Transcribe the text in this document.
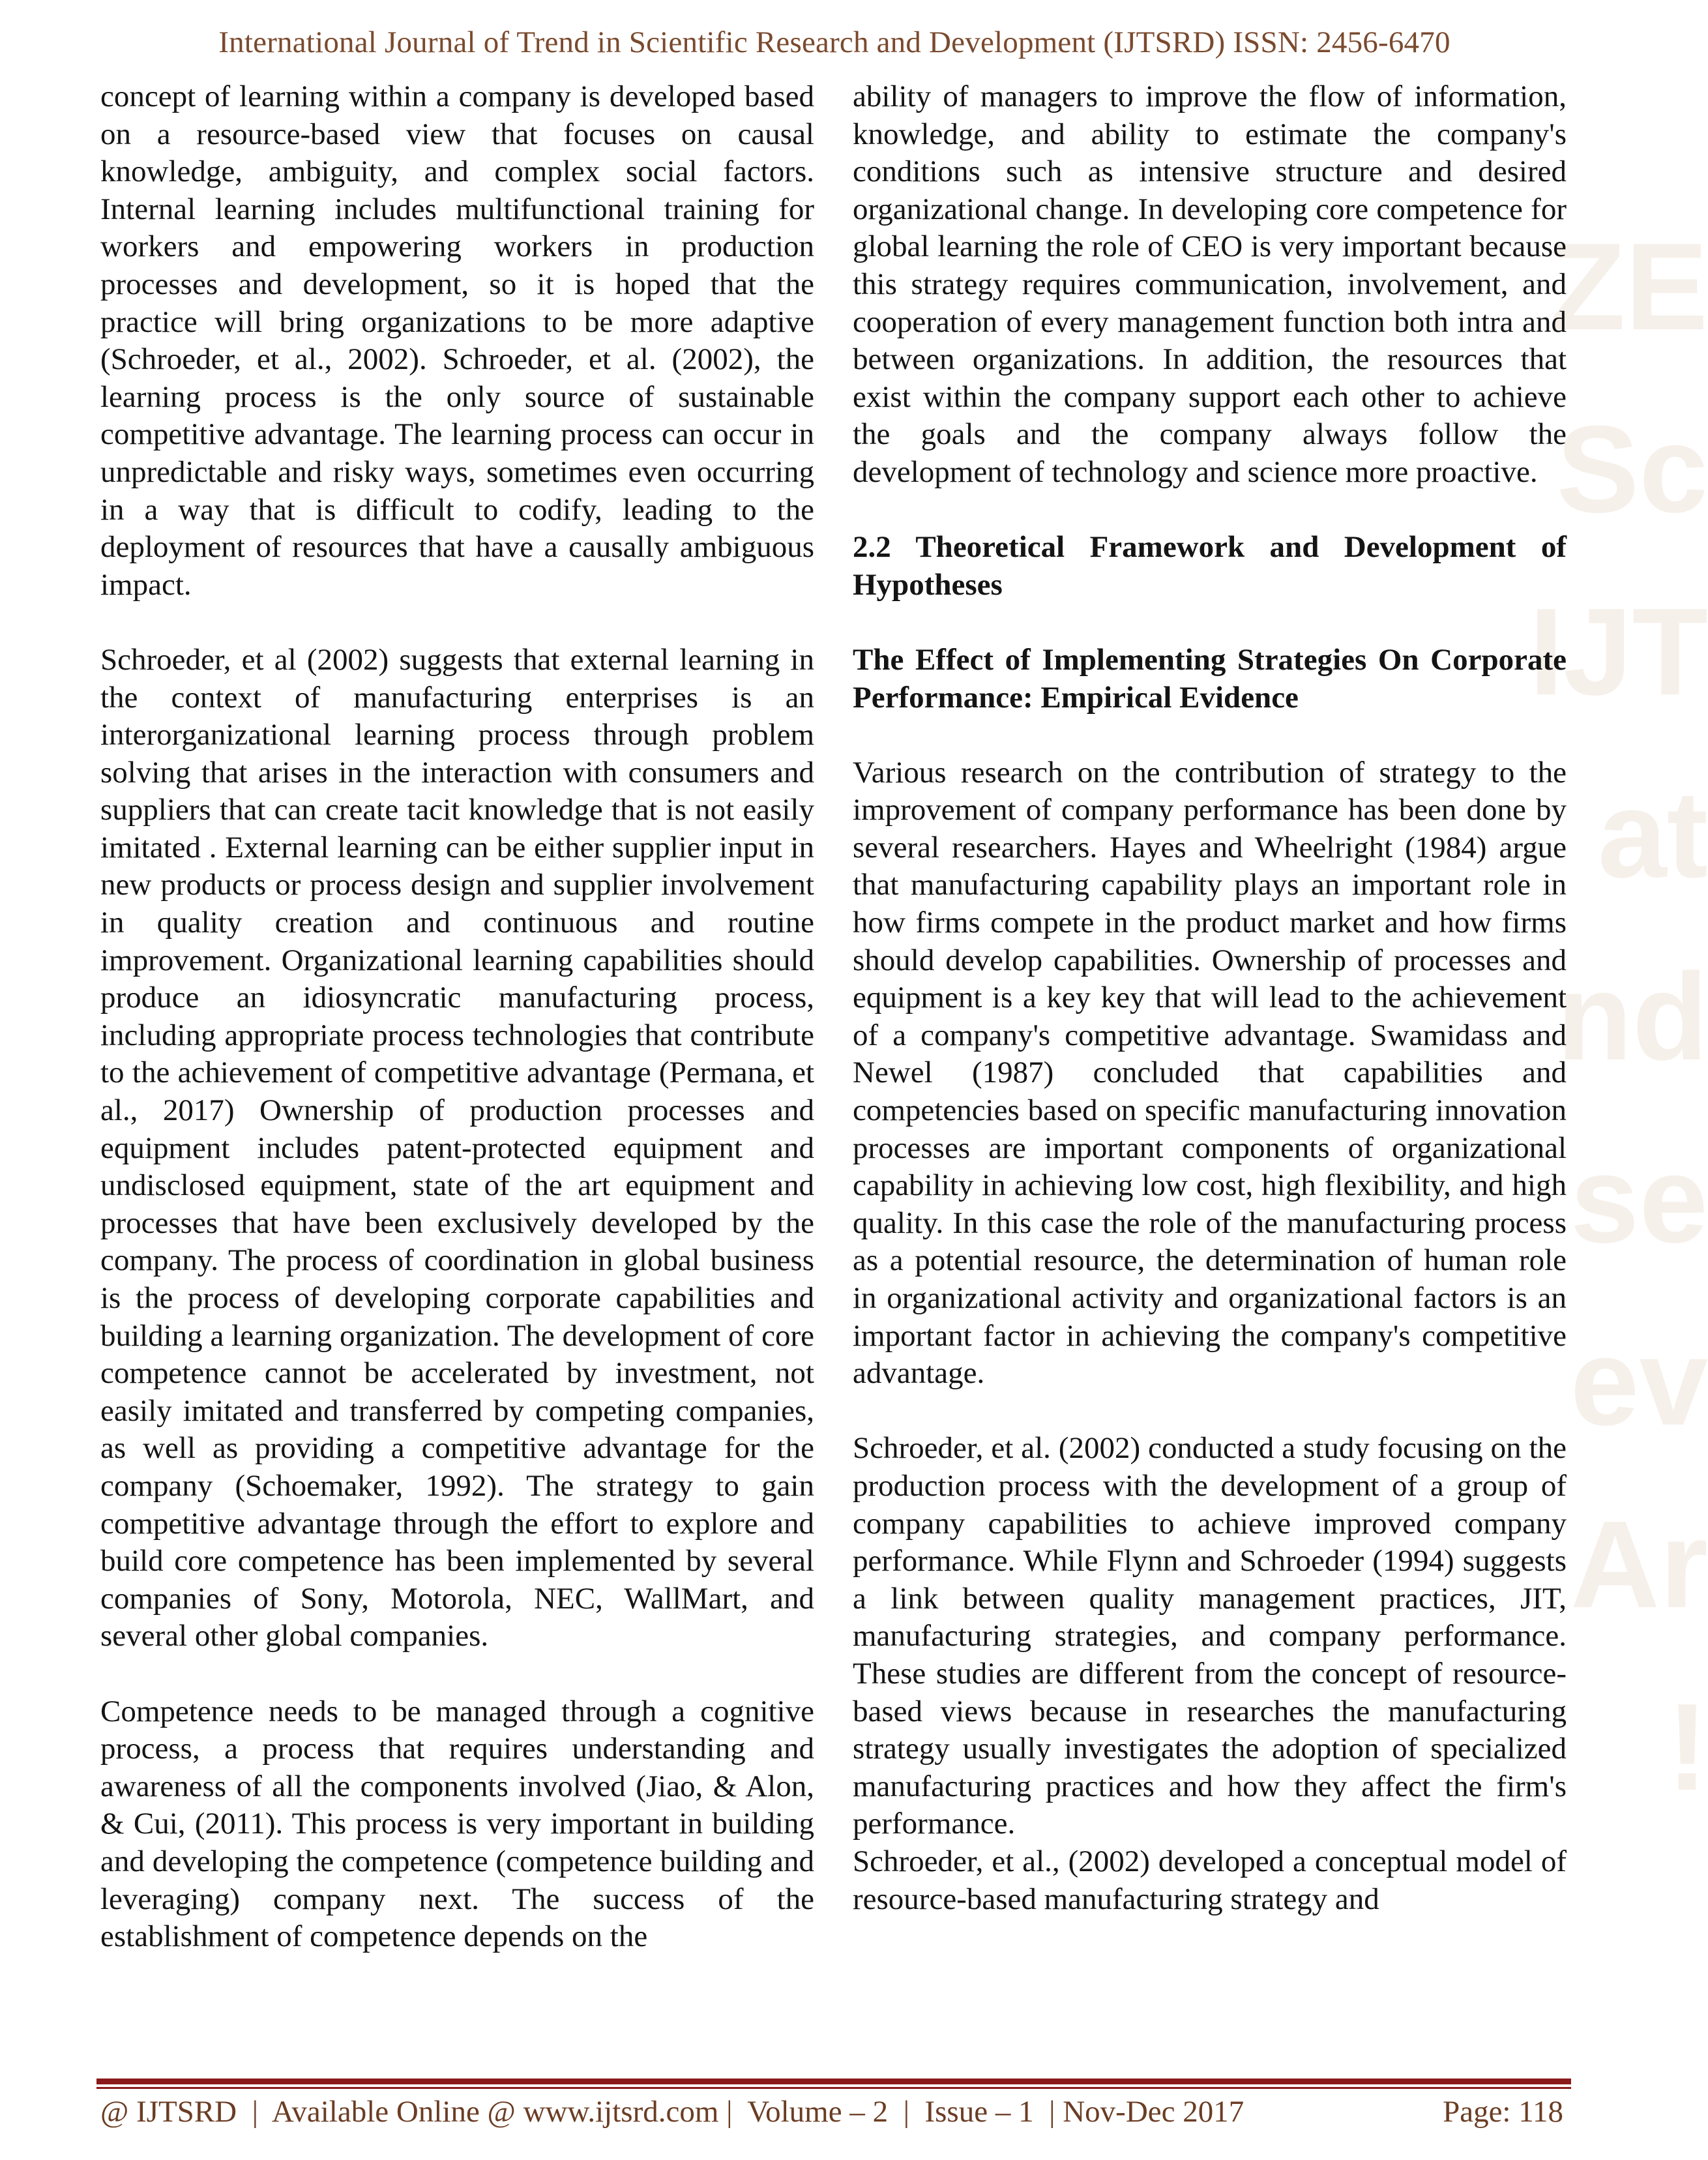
ZE
Sc
IJT
at
nd
se
ev
Ar
!

International Journal of Trend in Scientific Research and Development (IJTSRD) ISSN: 2456-6470

concept of learning within a company is developed based on a resource-based view that focuses on causal knowledge, ambiguity, and complex social factors. Internal learning includes multifunctional training for workers and empowering workers in production processes and development, so it is hoped that the practice will bring organizations to be more adaptive (Schroeder, et al., 2002). Schroeder, et al. (2002), the learning process is the only source of sustainable competitive advantage. The learning process can occur in unpredictable and risky ways, sometimes even occurring in a way that is difficult to codify, leading to the deployment of resources that have a causally ambiguous impact.

Schroeder, et al (2002) suggests that external learning in the context of manufacturing enterprises is an interorganizational learning process through problem solving that arises in the interaction with consumers and suppliers that can create tacit knowledge that is not easily imitated . External learning can be either supplier input in new products or process design and supplier involvement in quality creation and continuous and routine improvement. Organizational learning capabilities should produce an idiosyncratic manufacturing process, including appropriate process technologies that contribute to the achievement of competitive advantage (Permana, et al., 2017) Ownership of production processes and equipment includes patent-protected equipment and undisclosed equipment, state of the art equipment and processes that have been exclusively developed by the company. The process of coordination in global business is the process of developing corporate capabilities and building a learning organization. The development of core competence cannot be accelerated by investment, not easily imitated and transferred by competing companies, as well as providing a competitive advantage for the company (Schoemaker, 1992). The strategy to gain competitive advantage through the effort to explore and build core competence has been implemented by several companies of Sony, Motorola, NEC, WallMart, and several other global companies.

Competence needs to be managed through a cognitive process, a process that requires understanding and awareness of all the components involved (Jiao, & Alon, & Cui, (2011). This process is very important in building and developing the competence (competence building and leveraging) company next. The success of the establishment of competence depends on the

ability of managers to improve the flow of information, knowledge, and ability to estimate the company's conditions such as intensive structure and desired organizational change. In developing core competence for global learning the role of CEO is very important because this strategy requires communication, involvement, and cooperation of every management function both intra and between organizations. In addition, the resources that exist within the company support each other to achieve the goals and the company always follow the development of technology and science more proactive.

2.2 Theoretical Framework and Development of Hypotheses
The Effect of Implementing Strategies On Corporate Performance: Empirical Evidence

Various research on the contribution of strategy to the improvement of company performance has been done by several researchers. Hayes and Wheelright (1984) argue that manufacturing capability plays an important role in how firms compete in the product market and how firms should develop capabilities. Ownership of processes and equipment is a key key that will lead to the achievement of a company's competitive advantage. Swamidass and Newel (1987) concluded that capabilities and competencies based on specific manufacturing innovation processes are important components of organizational capability in achieving low cost, high flexibility, and high quality. In this case the role of the manufacturing process as a potential resource, the determination of human role in organizational activity and organizational factors is an important factor in achieving the company's competitive advantage.

Schroeder, et al. (2002) conducted a study focusing on the production process with the development of a group of company capabilities to achieve improved company performance. While Flynn and Schroeder (1994) suggests a link between quality management practices, JIT, manufacturing strategies, and company performance. These studies are different from the concept of resource-based views because in researches the manufacturing strategy usually investigates the adoption of specialized manufacturing practices and how they affect the firm's performance.

Schroeder, et al., (2002) developed a conceptual model of resource-based manufacturing strategy and

@ IJTSRD  |  Available Online @ www.ijtsrd.com |  Volume – 2  |  Issue – 1  | Nov-Dec 2017	Page: 118
